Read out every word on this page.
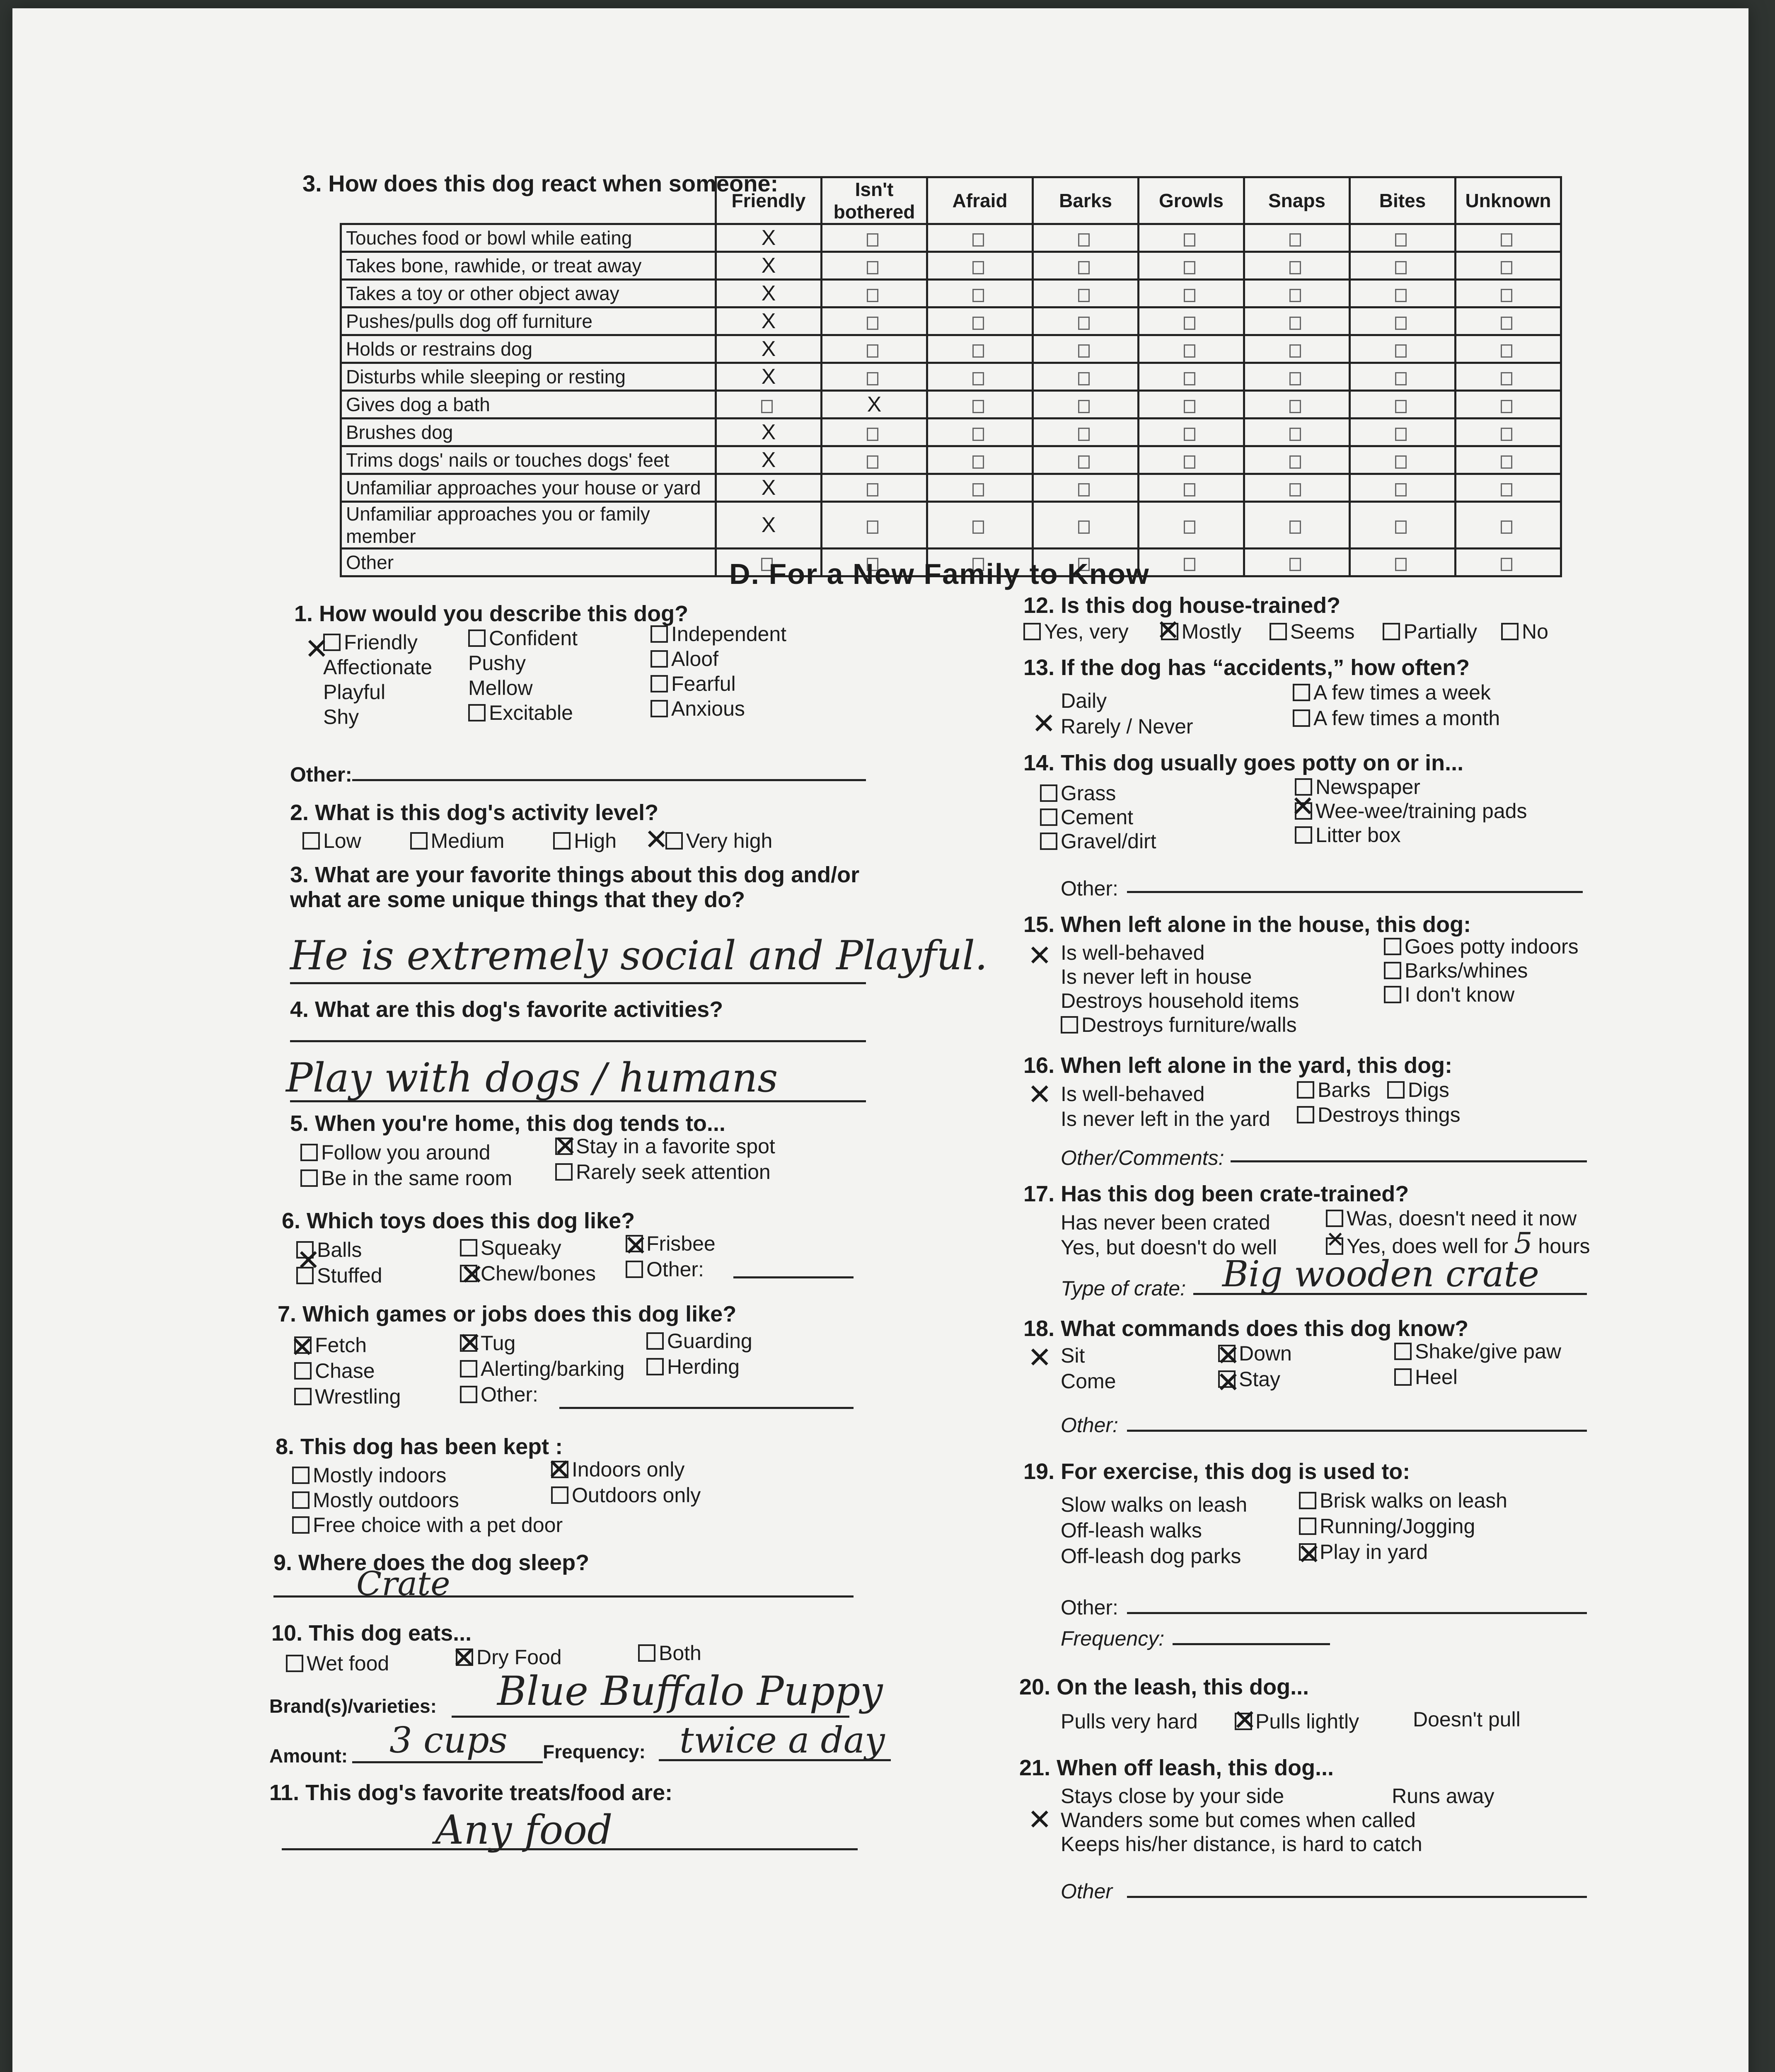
3. How does this dog react when someone:
	Friendly	Isn't bothered	Afraid	Barks	Growls	Snaps	Bites	Unknown
Touches food or bowl while eating	X							
Takes bone, rawhide, or treat away	X							
Takes a toy or other object away	X							
Pushes/pulls dog off furniture	X							
Holds or restrains dog	X							
Disturbs while sleeping or resting	X							
Gives dog a bath		X						
Brushes dog	X							
Trims dogs' nails or touches dogs' feet	X							
Unfamiliar approaches your house or yard	X							
Unfamiliar approaches you or family member	X							
Other									D. For a New Family to Know
1. How would you describe this dog?
Friendly
Affectionate
Playful
Shy
✕	Confident
Pushy
Mellow
Excitable
Independent
Aloof
Fearful
Anxious
Other:
2. What is this dog's activity level?
Low	Medium	High	Very high
✕
3. What are your favorite things about this dog and/or
what are some unique things that they do?
He is extremely social and Playful.
4. What are this dog's favorite activities?
Play with dogs / humans
5. When you're home, this dog tends to...
Follow you around
Be in the same room
Stay in a favorite spot
Rarely seek attention
✕
6. Which toys does this dog like?
Balls
Stuffed
Squeaky
Chew/bones
Frisbee
Other:
✕	✕
✕
7. Which games or jobs does this dog like?
Fetch
Chase
Wrestling
Tug
Alerting/barking
Other:
Guarding
Herding
✕	✕
8. This dog has been kept :
Mostly indoors
Mostly outdoors
Free choice with a pet door
Indoors only
Outdoors only
✕
9. Where does the dog sleep?
Crate
10. This dog eats...
Wet food	Dry Food	Both
✕
Brand(s)/varieties: Blue Buffalo Puppy
Amount: 3 cups Frequency: twice a day
11. This dog's favorite treats/food are:
Any food
12. Is this dog house-trained?
Yes, very	Mostly Seems Partially No
✕
13. If the dog has “accidents,” how often?
Daily
Rarely / Never
A few times a week
A few times a month
✕
14. This dog usually goes potty on or in...
Grass
Cement
Gravel/dirt
Newspaper
Wee-wee/training pads
Litter box
✕
Other:
15. When left alone in the house, this dog:
Is well-behaved
Is never left in house
Destroys household items
Destroys furniture/walls
Goes potty indoors
Barks/whines
I don't know
✕
16. When left alone in the yard, this dog:
Is well-behaved
Is never left in the yard
Barks Digs
Destroys things
✕
Other/Comments:
17. Has this dog been crate-trained?
Has never been crated
Yes, but doesn't do well
Was, doesn't need it now
Yes, does well for 5 hours
✕
Type of crate: Big wooden crate
18. What commands does this dog know?
Sit
Come
Down
Stay
Shake/give paw
Heel
✕	✕
✕
Other:
19. For exercise, this dog is used to:
Slow walks on leash
Off-leash walks
Off-leash dog parks
Brisk walks on leash
Running/Jogging
Play in yard
✕
Other:
Frequency:
20. On the leash, this dog...
Pulls very hard	Pulls lightly	Doesn't pull
✕
21. When off leash, this dog...
Stays close by your side	Runs away
Wanders some but comes when called
Keeps his/her distance, is hard to catch
✕
Other
